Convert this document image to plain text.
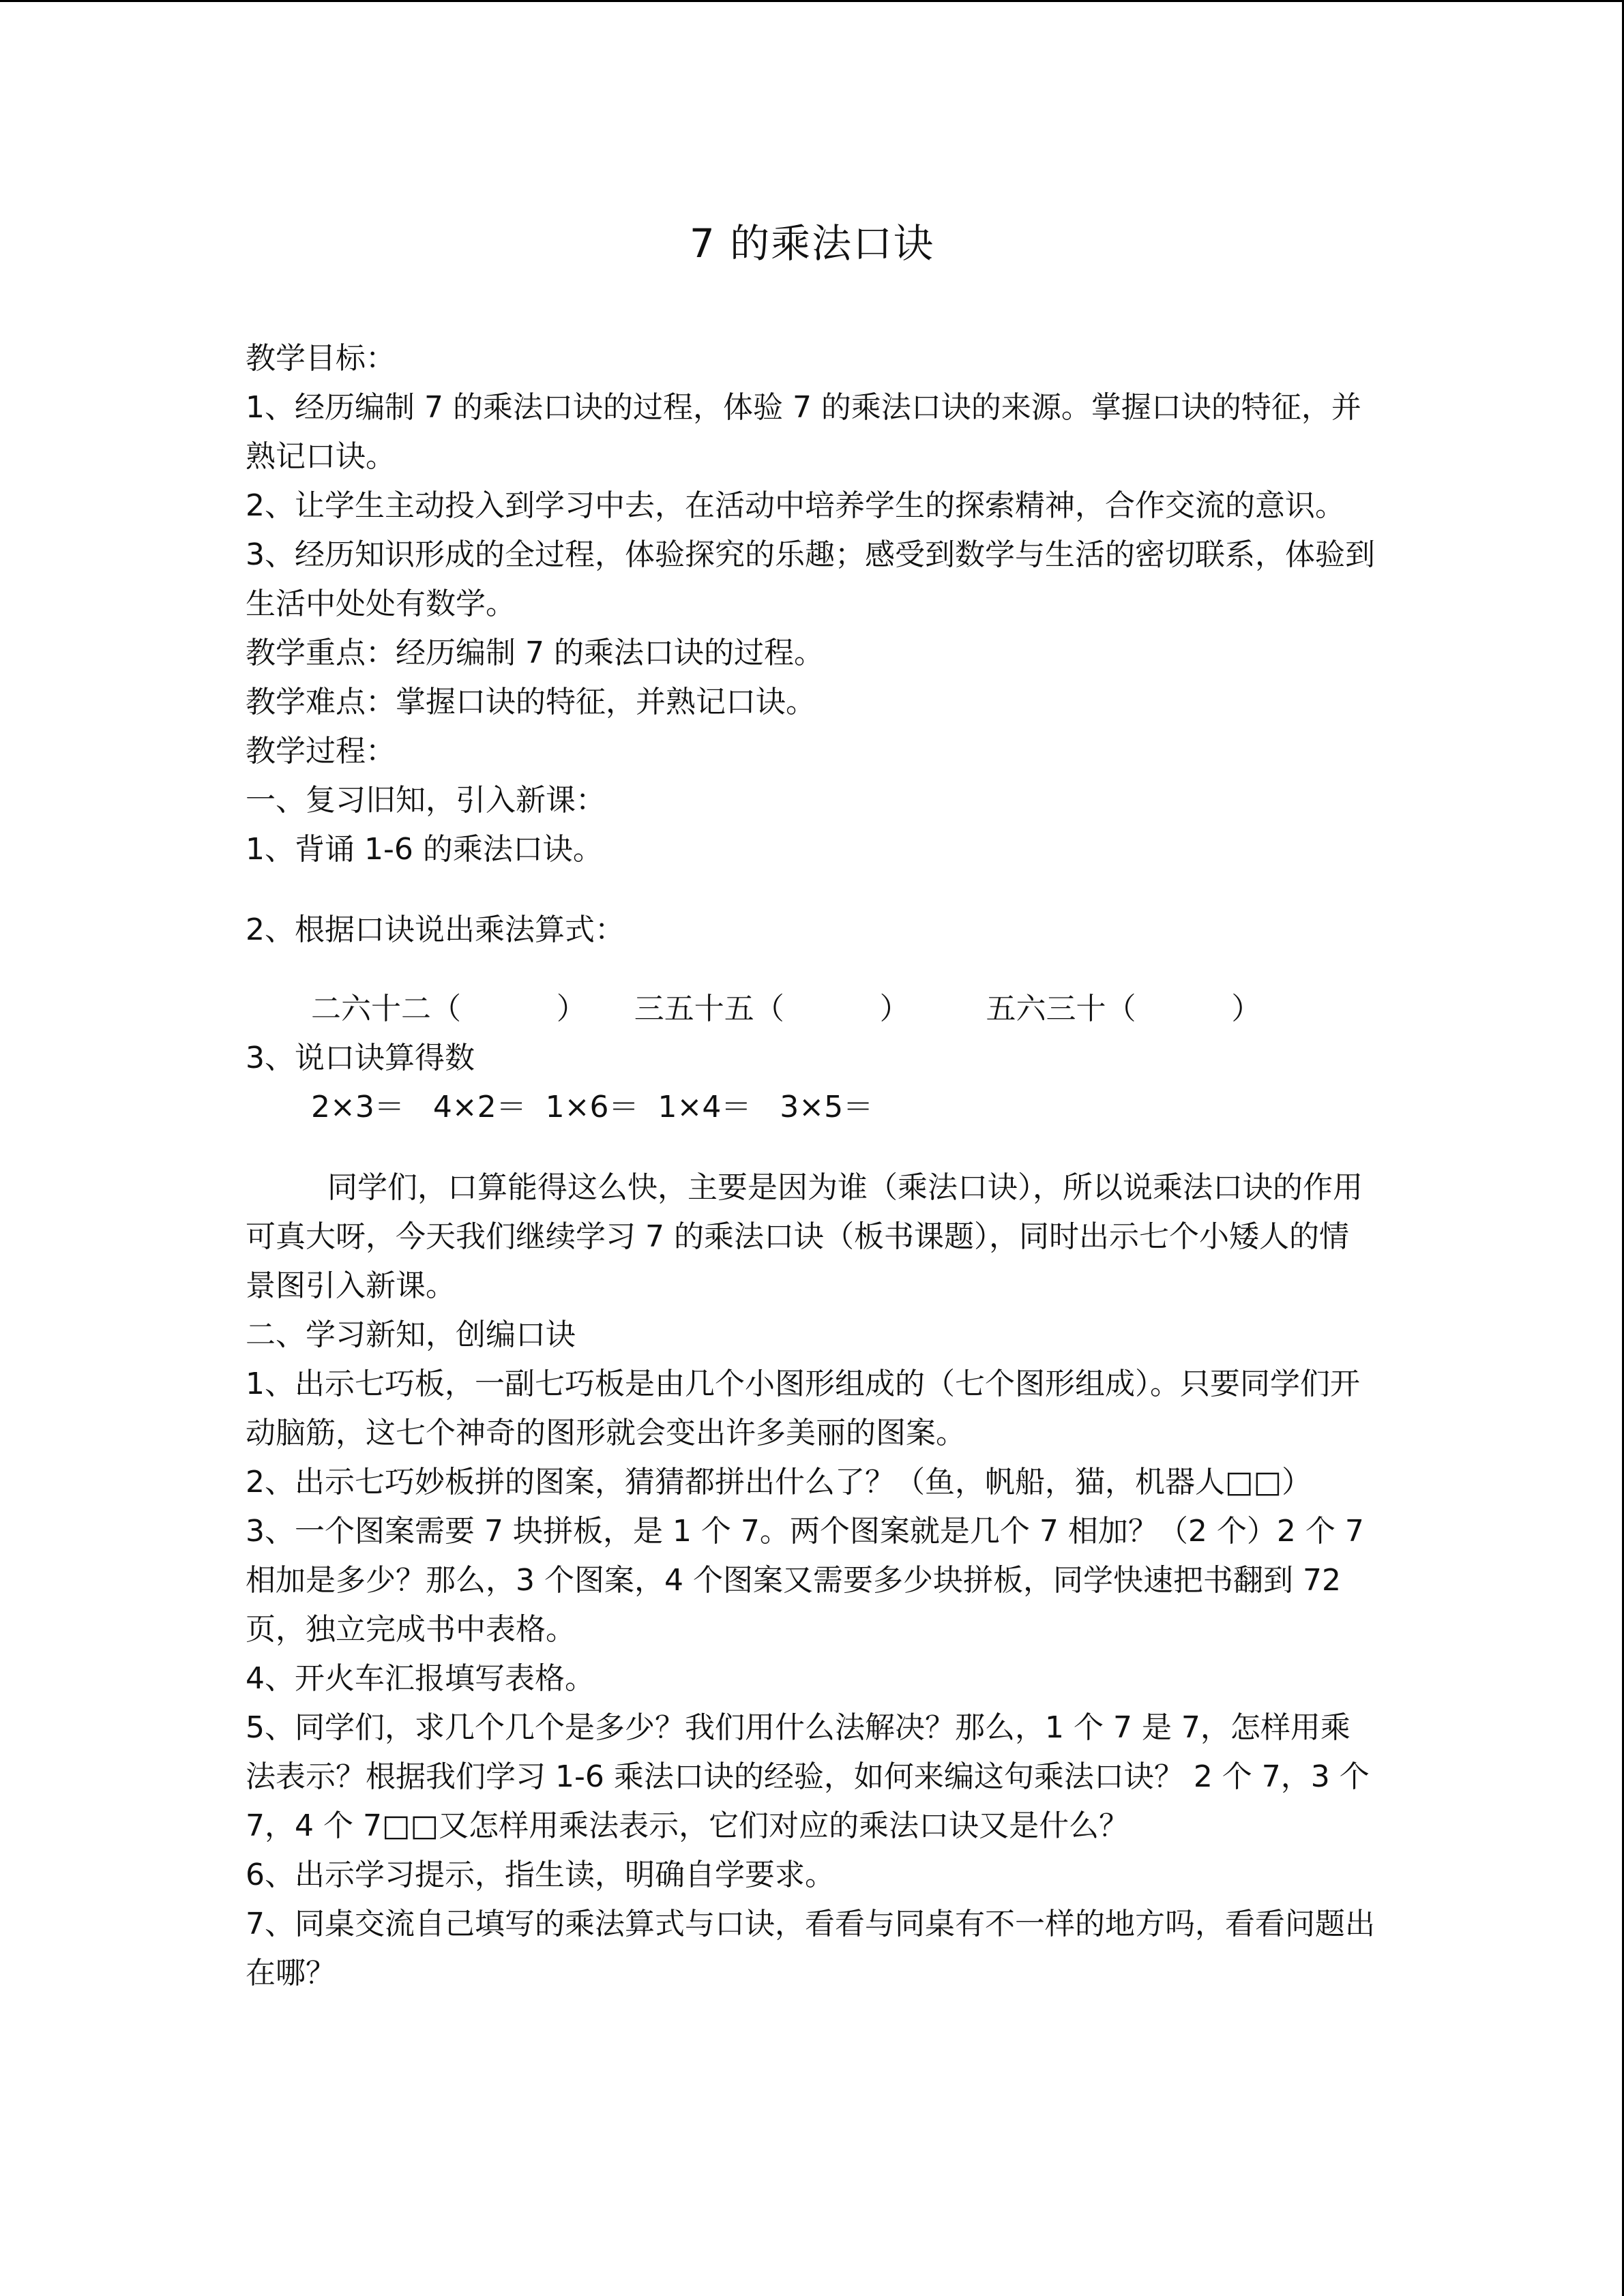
7 的乘法口诀

教学目标：

1、经历编制 7 的乘法口诀的过程，体验 7 的乘法口诀的来源。掌握口诀的特征，并熟记口诀。

2、让学生主动投入到学习中去，在活动中培养学生的探索精神，合作交流的意识。

3、经历知识形成的全过程，体验探究的乐趣；感受到数学与生活的密切联系，体验到生活中处处有数学。

教学重点：经历编制 7 的乘法口诀的过程。

教学难点：掌握口诀的特征，并熟记口诀。

教学过程：

一、复习旧知，引入新课：

1、背诵 1-6 的乘法口诀。

2、根据口诀说出乘法算式：

二六十二（          ）     三五十五（          ）        五六三十（          ）

3、说口诀算得数

2×3＝   4×2＝  1×6＝  1×4＝   3×5＝

同学们，口算能得这么快，主要是因为谁（乘法口诀），所以说乘法口诀的作用可真大呀，今天我们继续学习 7 的乘法口诀（板书课题），同时出示七个小矮人的情景图引入新课。

二、学习新知，创编口诀

1、出示七巧板，一副七巧板是由几个小图形组成的（七个图形组成）。只要同学们开动脑筋，这七个神奇的图形就会变出许多美丽的图案。

2、出示七巧妙板拼的图案，猜猜都拼出什么了？（鱼，帆船，猫，机器人□□）

3、一个图案需要 7 块拼板，是 1 个 7。两个图案就是几个 7 相加？（2 个）2 个 7 相加是多少？那么，3 个图案，4 个图案又需要多少块拼板，同学快速把书翻到 72 页，独立完成书中表格。

4、开火车汇报填写表格。

5、同学们，求几个几个是多少？我们用什么法解决？那么，1 个 7 是 7，怎样用乘法表示？根据我们学习 1-6 乘法口诀的经验，如何来编这句乘法口诀？ 2 个 7，3 个 7，4 个 7□□又怎样用乘法表示，它们对应的乘法口诀又是什么？

6、出示学习提示，指生读，明确自学要求。

7、同桌交流自己填写的乘法算式与口诀，看看与同桌有不一样的地方吗，看看问题出在哪？
